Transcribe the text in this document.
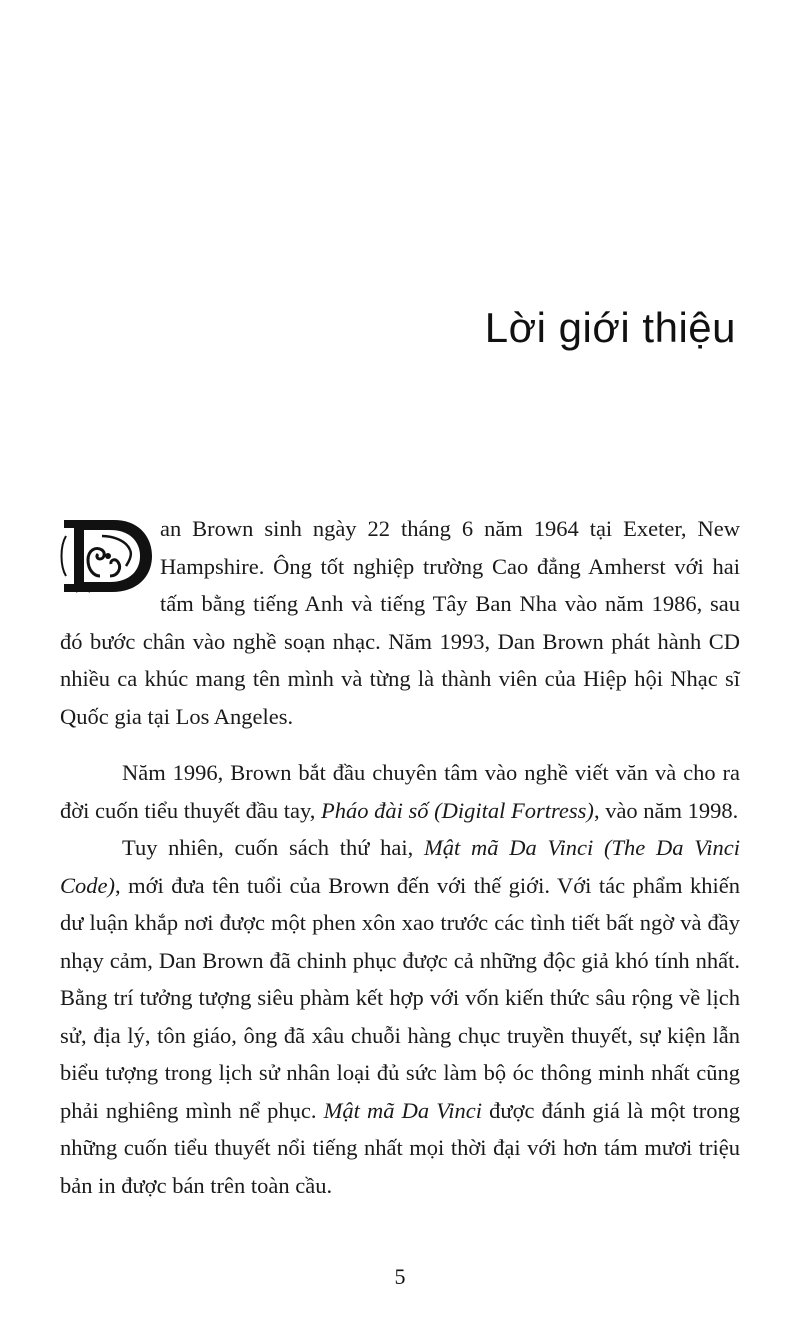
Lời giới thiệu

an Brown sinh ngày 22 tháng 6 năm 1964 tại Exeter, New Hampshire. Ông tốt nghiệp trường Cao đẳng Amherst với hai tấm bằng tiếng Anh và tiếng Tây Ban Nha vào năm 1986, sau đó bước chân vào nghề soạn nhạc. Năm 1993, Dan Brown phát hành CD nhiều ca khúc mang tên mình và từng là thành viên của Hiệp hội Nhạc sĩ Quốc gia tại Los Angeles.

Năm 1996, Brown bắt đầu chuyên tâm vào nghề viết văn và cho ra đời cuốn tiểu thuyết đầu tay, Pháo đài số (Digital Fortress), vào năm 1998.

Tuy nhiên, cuốn sách thứ hai, Mật mã Da Vinci (The Da Vinci Code), mới đưa tên tuổi của Brown đến với thế giới. Với tác phẩm khiến dư luận khắp nơi được một phen xôn xao trước các tình tiết bất ngờ và đầy nhạy cảm, Dan Brown đã chinh phục được cả những độc giả khó tính nhất. Bằng trí tưởng tượng siêu phàm kết hợp với vốn kiến thức sâu rộng về lịch sử, địa lý, tôn giáo, ông đã xâu chuỗi hàng chục truyền thuyết, sự kiện lẫn biểu tượng trong lịch sử nhân loại đủ sức làm bộ óc thông minh nhất cũng phải nghiêng mình nể phục. Mật mã Da Vinci được đánh giá là một trong những cuốn tiểu thuyết nổi tiếng nhất mọi thời đại với hơn tám mươi triệu bản in được bán trên toàn cầu.

5
